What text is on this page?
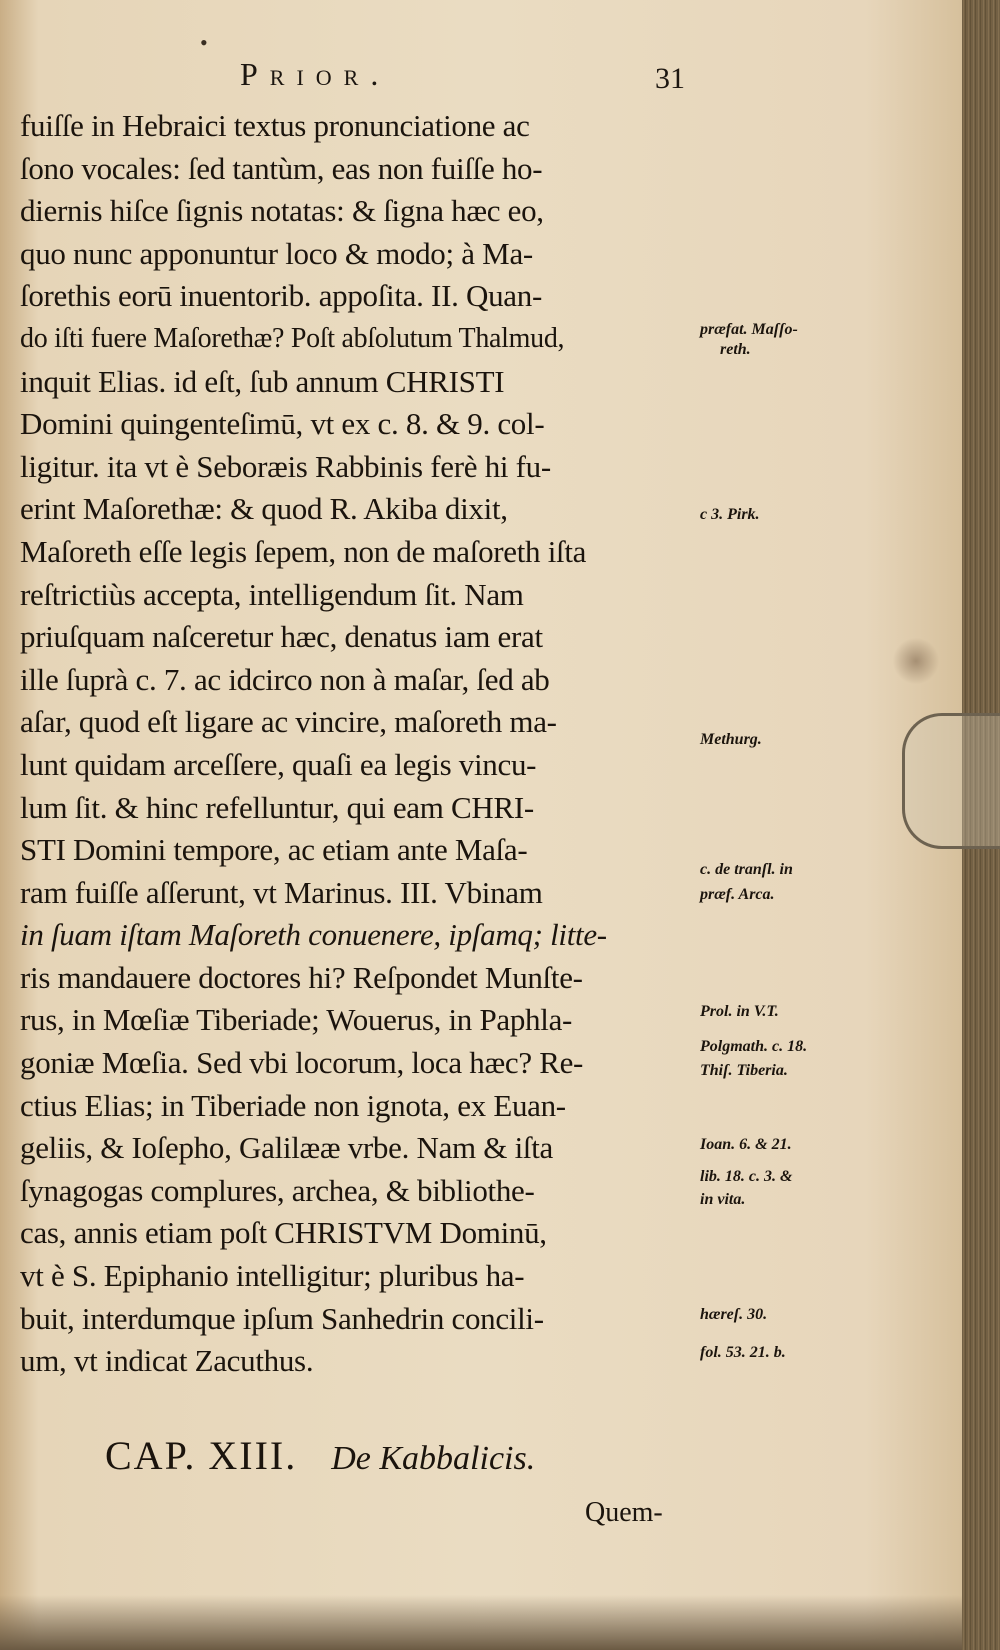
Prior.	31
fuiſſe in Hebraici textus pronunciatione ac
ſono vocales: ſed tantùm, eas non fuiſſe ho-
diernis hiſce ſignis notatas: & ſigna hæc eo,
quo nunc apponuntur loco & modo; à Ma-
ſorethis eorū inuentorib. appoſita. II. Quan-
do iſti fuere Maſorethæ? Poſt abſolutum Thalmud,
inquit Elias. id eſt, ſub annum CHRISTI
Domini quingenteſimū, vt ex c. 8. & 9. col-
ligitur. ita vt è Seboræis Rabbinis ferè hi fu-
erint Maſorethæ: & quod R. Akiba dixit,
Maſoreth eſſe legis ſepem, non de maſoreth iſta
reſtrictiùs accepta, intelligendum ſit. Nam
priuſquam naſceretur hæc, denatus iam erat
ille ſuprà c. 7. ac idcirco non à maſar, ſed ab
aſar, quod eſt ligare ac vincire, maſoreth ma-
lunt quidam arceſſere, quaſi ea legis vincu-
lum ſit. & hinc refelluntur, qui eam CHRI-
STI Domini tempore, ac etiam ante Maſa-
ram fuiſſe aſſerunt, vt Marinus. III. Vbinam
in ſuam iſtam Maſoreth conuenere, ipſamq; litte-
ris mandauere doctores hi? Reſpondet Munſte-
rus, in Mœſiæ Tiberiade; Wouerus, in Paphla-
goniæ Mœſia. Sed vbi locorum, loca hæc? Re-
ctius Elias; in Tiberiade non ignota, ex Euan-
geliis, & Ioſepho, Galilææ vrbe. Nam & iſta
ſynagogas complures, archea, & bibliothe-
cas, annis etiam poſt CHRISTVM Dominū,
vt è S. Epiphanio intelligitur; pluribus ha-
buit, interdumque ipſum Sanhedrin concili-
um, vt indicat Zacuthus.
præfat. Maſſo-
reth.
c 3. Pirk.
Methurg.
c. de tranſl. in
præf. Arca.
Prol. in V.T.
Polgmath. c. 18.
Thiſ. Tiberia.
Ioan. 6. & 21.
lib. 18. c. 3. &
in vita.
hæreſ. 30.
fol. 53. 21. b.
CAP. XIII. De Kabbalicis.
Quem-
•
